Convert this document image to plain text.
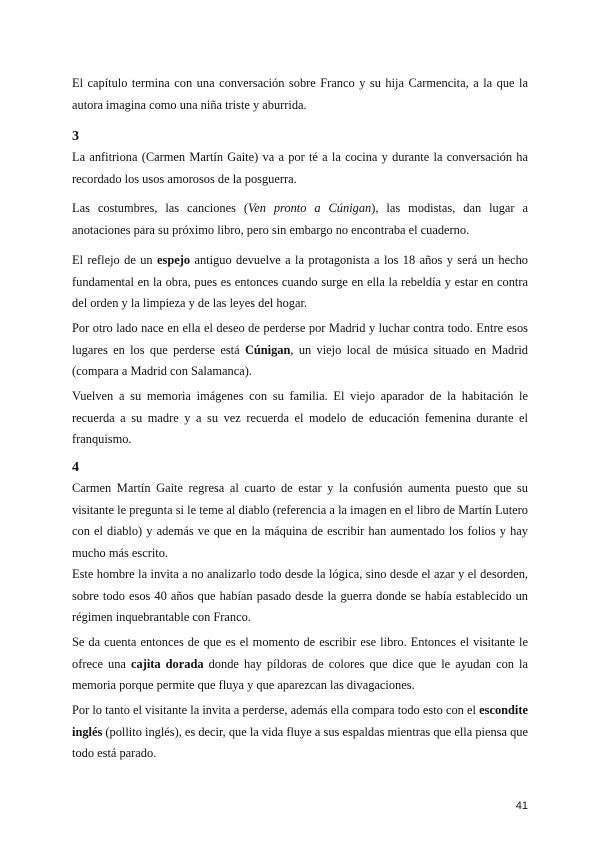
El capítulo termina con una conversación sobre Franco y su hija Carmencita, a la que la autora imagina como una niña triste y aburrida.

3

La anfitriona (Carmen Martín Gaite) va a por té a la cocina y durante la conversación ha recordado los usos amorosos de la posguerra.

Las costumbres, las canciones (Ven pronto a Cúnigan), las modistas, dan lugar a anotaciones para su próximo libro, pero sin embargo no encontraba el cuaderno.

El reflejo de un espejo antiguo devuelve a la protagonista a los 18 años y será un hecho fundamental en la obra, pues es entonces cuando surge en ella la rebeldía y estar en contra del orden y la limpieza y de las leyes del hogar.

Por otro lado nace en ella el deseo de perderse por Madrid y luchar contra todo. Entre esos lugares en los que perderse está Cúnigan, un viejo local de música situado en Madrid (compara a Madrid con Salamanca).

Vuelven a su memoria imágenes con su familia. El viejo aparador de la habitación le recuerda a su madre y a su vez recuerda el modelo de educación femenina durante el franquismo.

4

Carmen Martín Gaite regresa al cuarto de estar y la confusión aumenta puesto que su visitante le pregunta si le teme al diablo (referencia a la imagen en el libro de Martín Lutero con el diablo) y además ve que en la máquina de escribir han aumentado los folios y hay mucho más escrito.

Este hombre la invita a no analizarlo todo desde la lógica, sino desde el azar y el desorden, sobre todo esos 40 años que habían pasado desde la guerra donde se había establecido un régimen inquebrantable con Franco.

Se da cuenta entonces de que es el momento de escribir ese libro. Entonces el visitante le ofrece una cajita dorada donde hay píldoras de colores que dice que le ayudan con la memoria porque permite que fluya y que aparezcan las divagaciones.

Por lo tanto el visitante la invita a perderse, además ella compara todo esto con el escondite inglés (pollito inglés), es decir, que la vida fluye a sus espaldas mientras que ella piensa que todo está parado.

41
